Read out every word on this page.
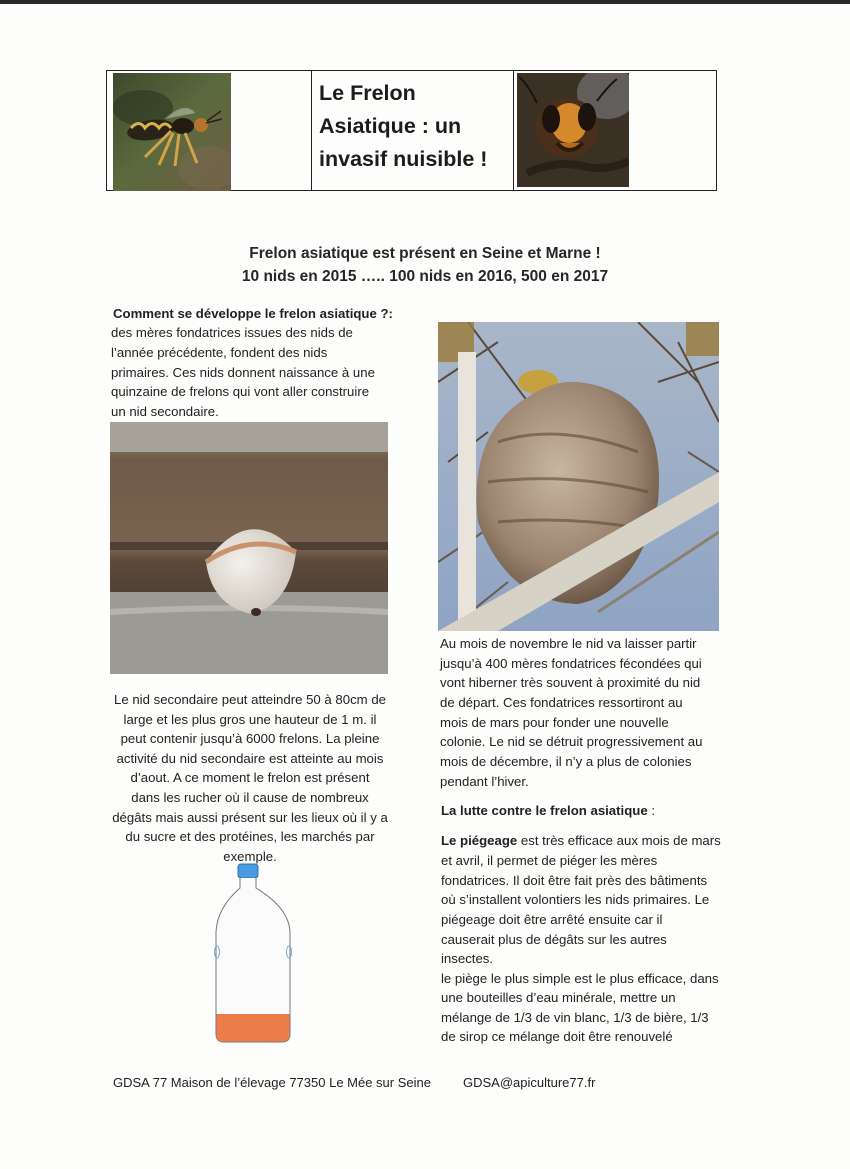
Le Frelon

Asiatique : un

invasif nuisible !

Frelon asiatique est présent en Seine et Marne !

10 nids en 2015 ….. 100 nids en 2016, 500 en 2017

Comment se développe le frelon asiatique ?:

des mères fondatrices issues des nids de

l’année précédente, fondent des nids

primaires. Ces nids donnent naissance à une

quinzaine de frelons qui vont aller construire

un nid secondaire.

Le nid secondaire peut atteindre 50 à 80cm de

large et les plus gros une hauteur de 1 m. il

peut contenir jusqu’à 6000 frelons. La pleine

activité du nid secondaire est atteinte au mois

d’aout. A ce moment le frelon est présent

dans les rucher où il cause de nombreux

dégâts mais aussi présent sur les lieux où il y a

du sucre et des protéines, les marchés par

exemple.

Au mois de novembre le nid va laisser partir

jusqu’à 400 mères fondatrices fécondées qui

vont hiberner très souvent à proximité du nid

de départ. Ces fondatrices ressortiront au

mois de mars pour fonder une nouvelle

colonie. Le nid se détruit progressivement au

mois de décembre, il n’y a plus de colonies

pendant l’hiver.

La lutte contre le frelon asiatique :

Le piégeage est très efficace aux mois de mars

et avril, il permet de piéger les mères

fondatrices. Il doit être fait près des bâtiments

où s’installent volontiers les nids primaires. Le

piégeage doit être arrêté ensuite car il

causerait plus de dégâts sur les autres

insectes.

le piège le plus simple est le plus efficace, dans

une bouteilles d’eau minérale, mettre un

mélange de 1/3 de vin blanc, 1/3 de bière, 1/3

de sirop ce mélange doit être renouvelé

GDSA 77 Maison de l’élevage 77350 Le Mée sur Seine GDSA@apiculture77.fr
